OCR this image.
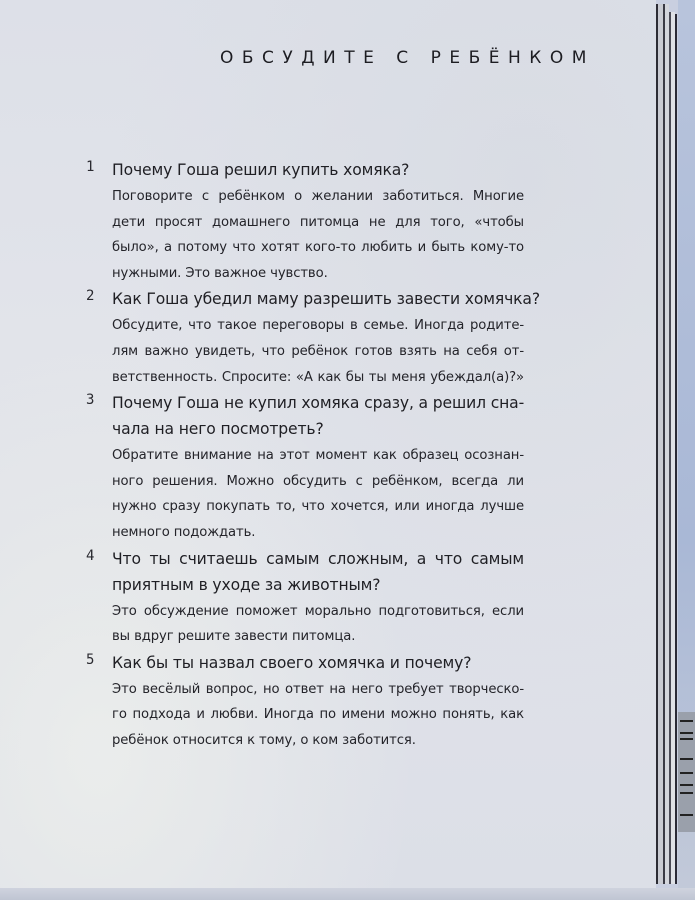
ОБСУДИТЕ С РЕБЁНКОМ
1 Почему Гоша решил купить хомяка?

Поговорите с ребёнком о желании заботиться. Многие
дети просят домашнего питомца не для того, «чтобы
было», а потому что хотят кого-то любить и быть кому-то
нужными. Это важное чувство.

2 Как Гоша убедил маму разрешить завести хомячка?

Обсудите, что такое переговоры в семье. Иногда родите-
лям важно увидеть, что ребёнок готов взять на себя от-
ветственность. Спросите: «А как бы ты меня убеждал(а)?»

3 Почему Гоша не купил хомяка сразу, а решил сна-
чала на него посмотреть?

Обратите внимание на этот момент как образец осознан-
ного решения. Можно обсудить с ребёнком, всегда ли
нужно сразу покупать то, что хочется, или иногда лучше
немного подождать.

4 Что ты считаешь самым сложным, а что самым
приятным в уходе за животным?

Это обсуждение поможет морально подготовиться, если
вы вдруг решите завести питомца.

5 Как бы ты назвал своего хомячка и почему?

Это весёлый вопрос, но ответ на него требует творческо-
го подхода и любви. Иногда по имени можно понять, как
ребёнок относится к тому, о ком заботится.
